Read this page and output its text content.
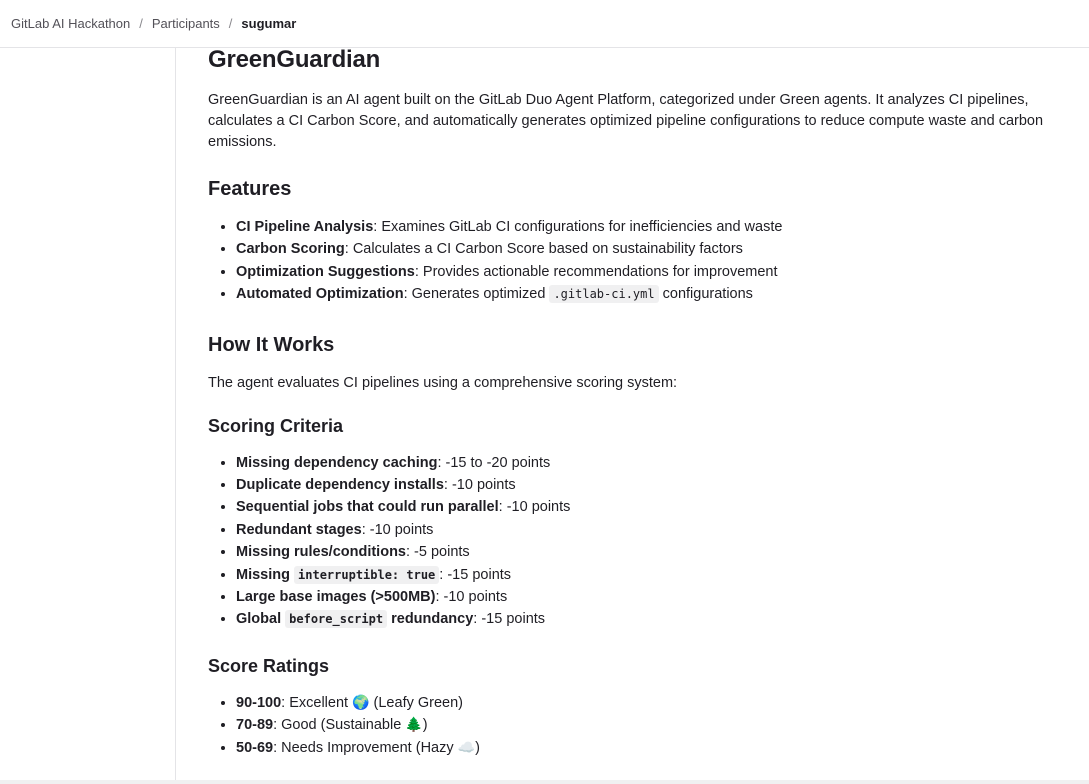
GitLab AI Hackathon / Participants / sugumar
GreenGuardian

GreenGuardian is an AI agent built on the GitLab Duo Agent Platform, categorized under Green agents. It analyzes CI pipelines, calculates a CI Carbon Score, and automatically generates optimized pipeline configurations to reduce compute waste and carbon emissions.

Features
• CI Pipeline Analysis: Examines GitLab CI configurations for inefficiencies and waste
• Carbon Scoring: Calculates a CI Carbon Score based on sustainability factors
• Optimization Suggestions: Provides actionable recommendations for improvement
• Automated Optimization: Generates optimized .gitlab-ci.yml configurations
How It Works

The agent evaluates CI pipelines using a comprehensive scoring system:

Scoring Criteria
• Missing dependency caching: -15 to -20 points
• Duplicate dependency installs: -10 points
• Sequential jobs that could run parallel: -10 points
• Redundant stages: -10 points
• Missing rules/conditions: -5 points
• Missing interruptible: true : -15 points
• Large base images (>500MB): -10 points
• Global before_script redundancy: -15 points
Score Ratings
• 90-100: Excellent 🌍 (Leafy Green)
• 70-89: Good (Sustainable 🌲)
• 50-69: Needs Improvement (Hazy ☁️)
